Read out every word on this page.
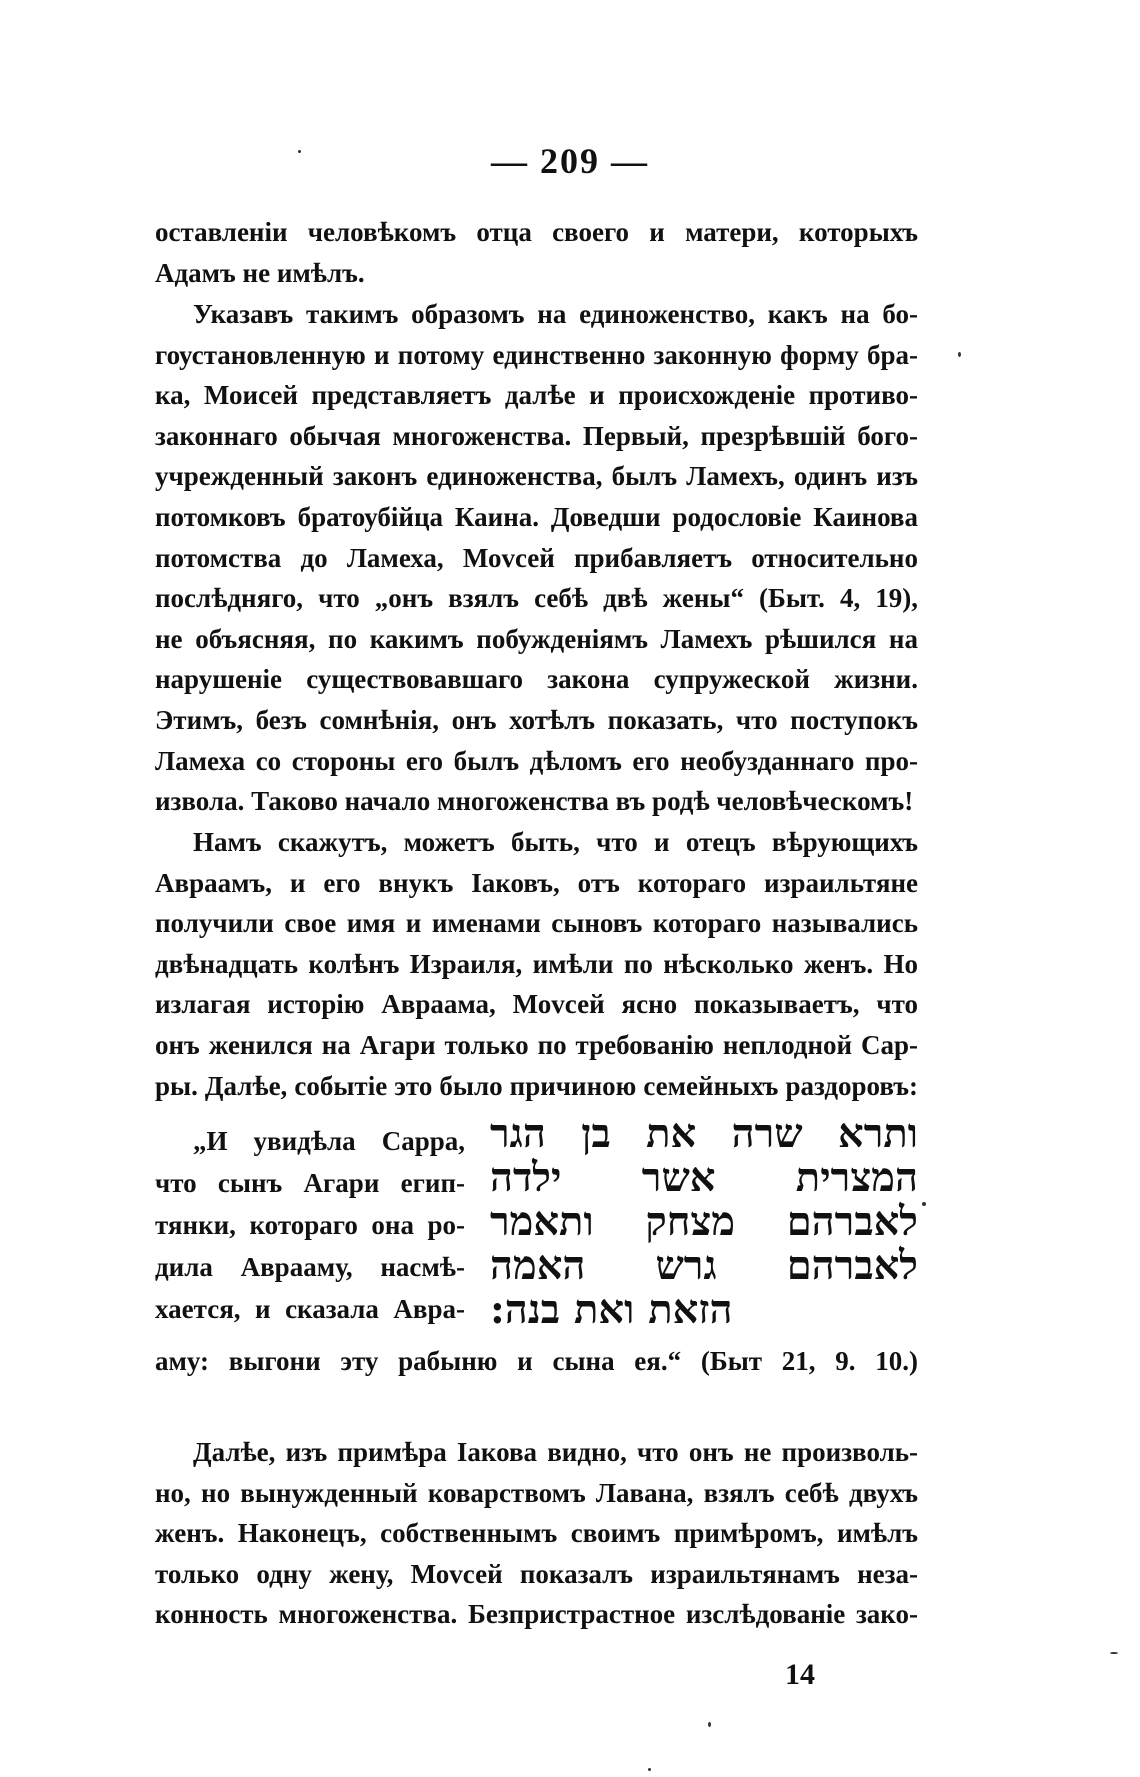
— 209 —
оставленіи человѣкомъ отца своего и матери, которыхъ
Адамъ не имѣлъ.
Указавъ такимъ образомъ на единоженство, какъ на бо-
гоустановленную и потому единственно законную форму бра-
ка, Моисей представляетъ далѣе и происхожденіе противо-
законнаго обычая многоженства. Первый, презрѣвшій бого-
учрежденный законъ единоженства, былъ Ламехъ, одинъ изъ
потомковъ братоубійца Каина. Доведши родословіе Каинова
потомства до Ламеха, Моvсей прибавляетъ относительно
послѣдняго, что „онъ взялъ себѣ двѣ жены“ (Быт. 4, 19),
не объясняя, по какимъ побужденіямъ Ламехъ рѣшился на
нарушеніе существовавшаго закона супружеской жизни.
Этимъ, безъ сомнѣнія, онъ хотѣлъ показать, что поступокъ
Ламеха со стороны его былъ дѣломъ его необузданнаго про-
извола. Таково начало многоженства въ родѣ человѣческомъ!
Намъ скажутъ, можетъ быть, что и отецъ вѣрующихъ
Авраамъ, и его внукъ Іаковъ, отъ котораго израильтяне
получили свое имя и именами сыновъ котораго назывались
двѣнадцать колѣнъ Израиля, имѣли по нѣсколько женъ. Но
излагая исторію Авраама, Моvсей ясно показываетъ, что
онъ женился на Агари только по требованію неплодной Сар-
ры. Далѣе, событіе это было причиною семейныхъ раздоровъ:
„И увидѣла Сарра,
что сынъ Агари егип-
тянки, котораго она ро-
дила Аврааму, насмѣ-
хается, и сказала Авра-
ותרא שרה את בן הגר
המצרית אשר ילדה
לאברהם מצחק ותאמר
לאברהם גרש האמה
הזאת ואת בנה:
аму: выгони эту рабыню и сына ея.“ (Быт 21, 9. 10.)
Далѣе, изъ примѣра Іакова видно, что онъ не произволь-
но, но вынужденный коварствомъ Лавана, взялъ себѣ двухъ
женъ. Наконецъ, собственнымъ своимъ примѣромъ, имѣлъ
только одну жену, Моvсей показалъ израильтянамъ неза-
конность многоженства. Безпристрастное изслѣдованіе зако-
14
